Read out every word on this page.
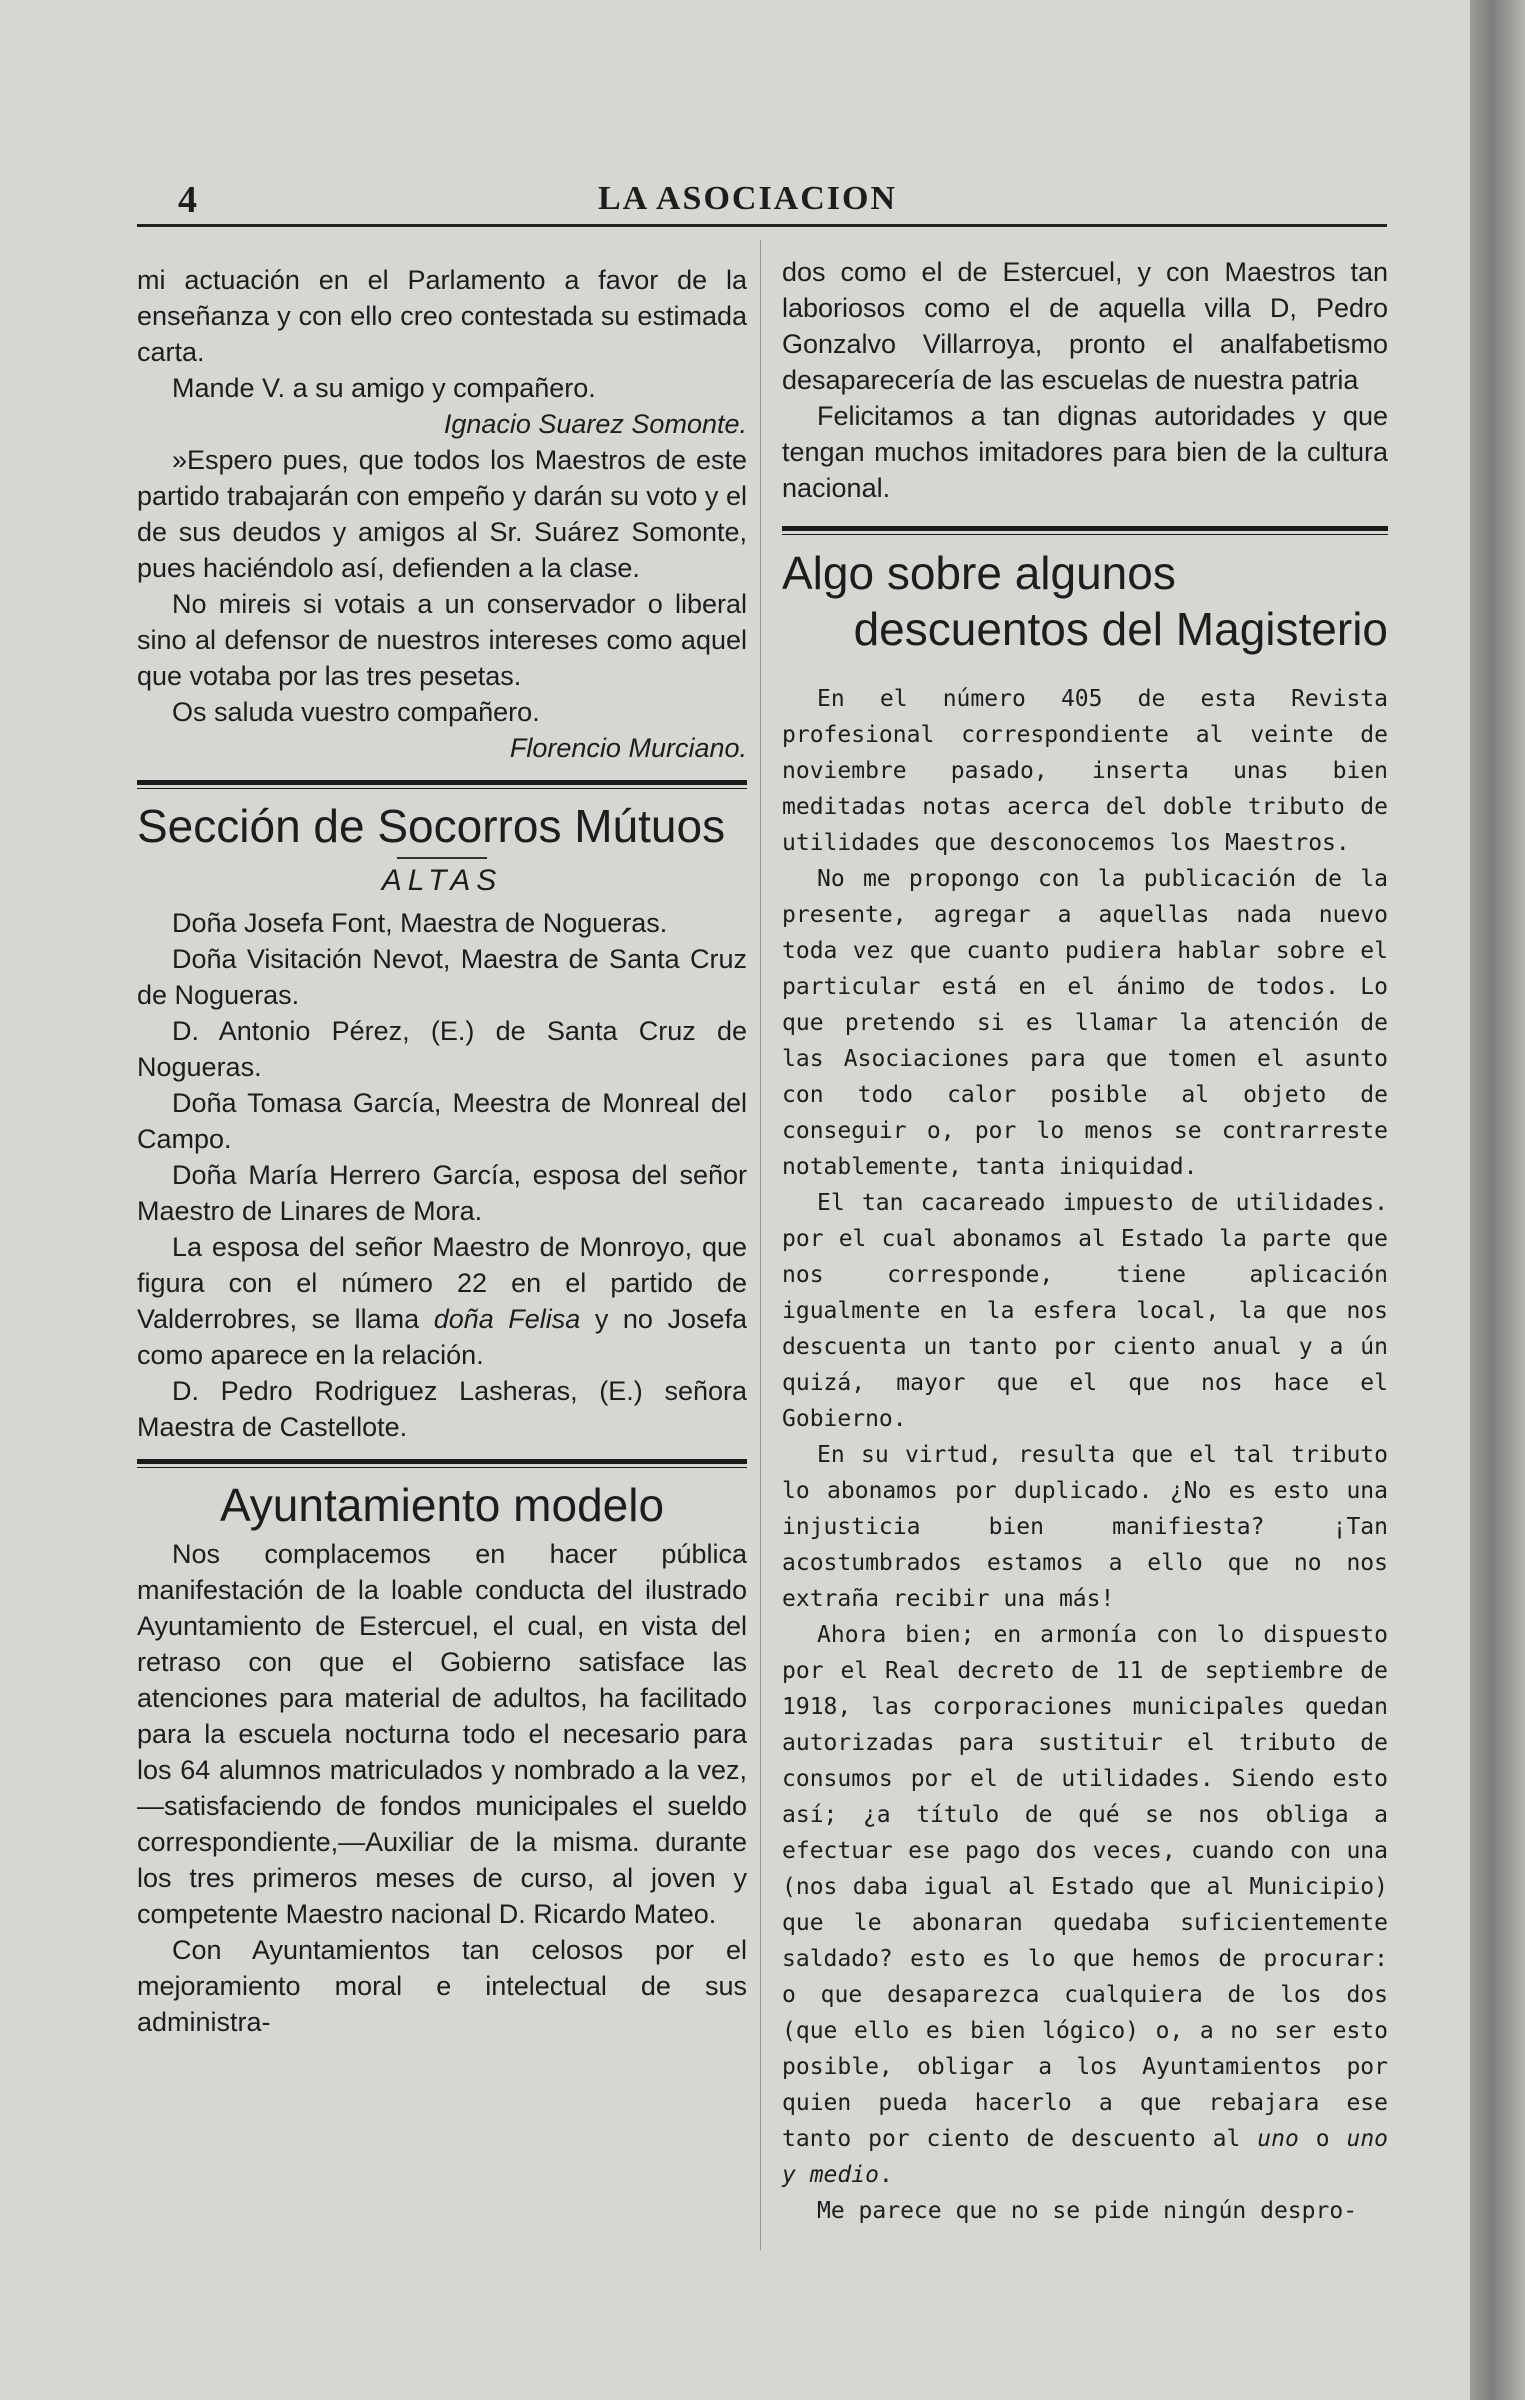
4	LA ASOCIACION

mi actuación en el Parlamento a favor de la enseñanza y con ello creo contestada su estimada carta.

Mande V. a su amigo y compañero.

Ignacio Suarez Somonte.

»Espero pues, que todos los Maestros de este partido trabajarán con empeño y darán su voto y el de sus deudos y amigos al Sr. Suárez Somonte, pues haciéndolo así, defienden a la clase.

No mireis si votais a un conservador o liberal sino al defensor de nuestros intereses como aquel que votaba por las tres pesetas.

Os saluda vuestro compañero.

Florencio Murciano.

Sección de Socorros Mútuos
ALTAS

Doña Josefa Font, Maestra de Nogueras.

Doña Visitación Nevot, Maestra de Santa Cruz de Nogueras.

D. Antonio Pérez, (E.) de Santa Cruz de Nogueras.

Doña Tomasa García, Meestra de Monreal del Campo.

Doña María Herrero García, esposa del señor Maestro de Linares de Mora.

La esposa del señor Maestro de Monroyo, que figura con el número 22 en el partido de Valderrobres, se llama doña Felisa y no Josefa como aparece en la relación.

D. Pedro Rodriguez Lasheras, (E.) señora Maestra de Castellote.

Ayuntamiento modelo

Nos complacemos en hacer pública manifestación de la loable conducta del ilustrado Ayuntamiento de Estercuel, el cual, en vista del retraso con que el Gobierno satisface las atenciones para material de adultos, ha facilitado para la escuela nocturna todo el necesario para los 64 alumnos matriculados y nombrado a la vez,—satisfaciendo de fondos municipales el sueldo correspondiente,—Auxiliar de la misma. durante los tres primeros meses de curso, al joven y competente Maestro nacional D. Ricardo Mateo.

Con Ayuntamientos tan celosos por el mejoramiento moral e intelectual de sus administra-

dos como el de Estercuel, y con Maestros tan laboriosos como el de aquella villa D, Pedro Gonzalvo Villarroya, pronto el analfabetismo desaparecería de las escuelas de nuestra patria

Felicitamos a tan dignas autoridades y que tengan muchos imitadores para bien de la cultura nacional.

Algo sobre algunos
descuentos del Magisterio

En el número 405 de esta Revista profesional correspondiente al veinte de noviembre pasado, inserta unas bien meditadas notas acerca del doble tributo de utilidades que desconocemos los Maestros.

No me propongo con la publicación de la presente, agregar a aquellas nada nuevo toda vez que cuanto pudiera hablar sobre el particular está en el ánimo de todos. Lo que pretendo si es llamar la atención de las Asociaciones para que tomen el asunto con todo calor posible al objeto de conseguir o, por lo menos se contrarreste notablemente, tanta iniquidad.

El tan cacareado impuesto de utilidades. por el cual abonamos al Estado la parte que nos corresponde, tiene aplicación igualmente en la esfera local, la que nos descuenta un tanto por ciento anual y a ún quizá, mayor que el que nos hace el Gobierno.

En su virtud, resulta que el tal tributo lo abonamos por duplicado. ¿No es esto una injusticia bien manifiesta? ¡Tan acostumbrados estamos a ello que no nos extraña recibir una más!

Ahora bien; en armonía con lo dispuesto por el Real decreto de 11 de septiembre de 1918, las corporaciones municipales quedan autorizadas para sustituir el tributo de consumos por el de utilidades. Siendo esto así; ¿a título de qué se nos obliga a efectuar ese pago dos veces, cuando con una (nos daba igual al Estado que al Municipio) que le abonaran quedaba suficientemente saldado? esto es lo que hemos de procurar: o que desaparezca cualquiera de los dos (que ello es bien lógico) o, a no ser esto posible, obligar a los Ayuntamientos por quien pueda hacerlo a que rebajara ese tanto por ciento de descuento al uno o uno y medio.

Me parece que no se pide ningún despro-
